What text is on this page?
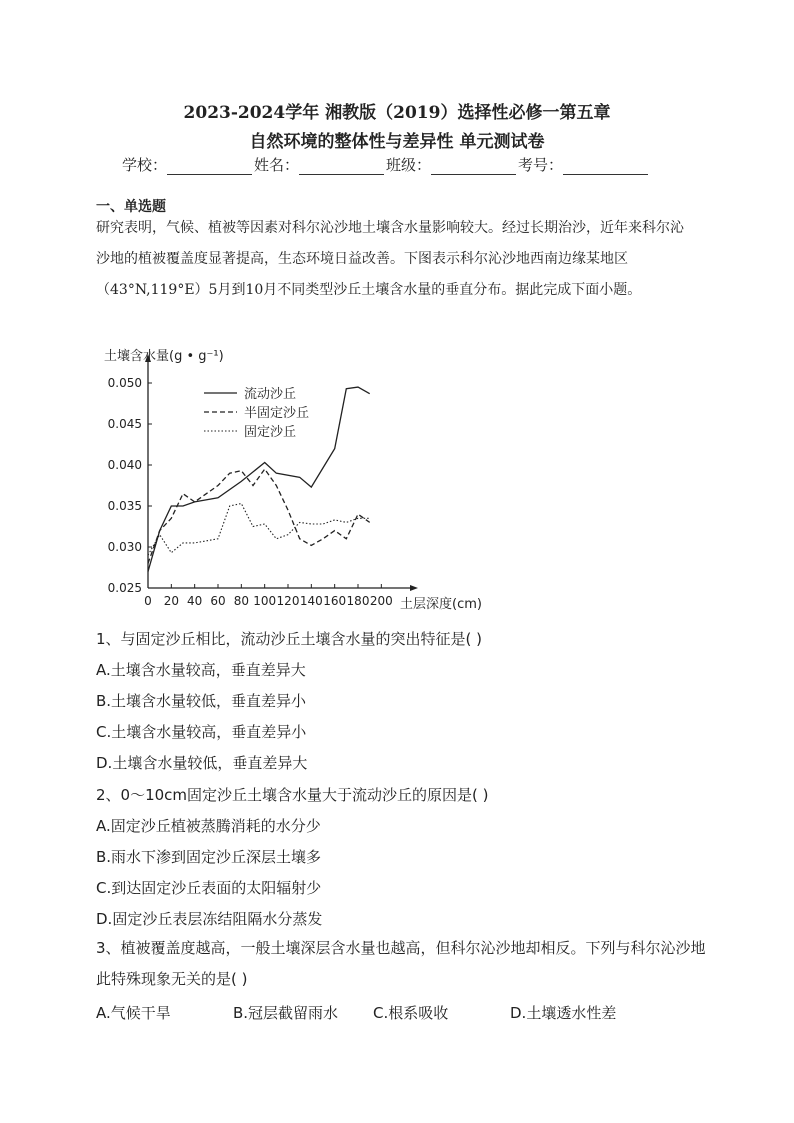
2023-2024学年 湘教版（2019）选择性必修一第五章
自然环境的整体性与差异性 单元测试卷
学校：	姓名：	班级：	考号：
一、单选题

研究表明，气候、植被等因素对科尔沁沙地土壤含水量影响较大。经过长期治沙，近年来科尔沁沙地的植被覆盖度显著提高，生态环境日益改善。下图表示科尔沁沙地西南边缘某地区（43°N,119°E）5月到10月不同类型沙丘土壤含水量的垂直分布。据此完成下面小题。

土壤含水量(g • g⁻¹)
土层深度(cm)
0.050
0.045
0.040
0.035
0.030
0.025
0 20 40 60 80 100 120 140 160 180 200
流动沙丘
半固定沙丘
固定沙丘
1、与固定沙丘相比，流动沙丘土壤含水量的突出特征是( )
A.土壤含水量较高，垂直差异大
B.土壤含水量较低，垂直差异小
C.土壤含水量较高，垂直差异小
D.土壤含水量较低，垂直差异大
2、0～10cm固定沙丘土壤含水量大于流动沙丘的原因是( )
A.固定沙丘植被蒸腾消耗的水分少
B.雨水下渗到固定沙丘深层土壤多
C.到达固定沙丘表面的太阳辐射少
D.固定沙丘表层冻结阻隔水分蒸发
3、植被覆盖度越高，一般土壤深层含水量也越高，但科尔沁沙地却相反。下列与科尔沁沙地此特殊现象无关的是( )
A.气候干旱	B.冠层截留雨水 C.根系吸收	D.土壤透水性差
